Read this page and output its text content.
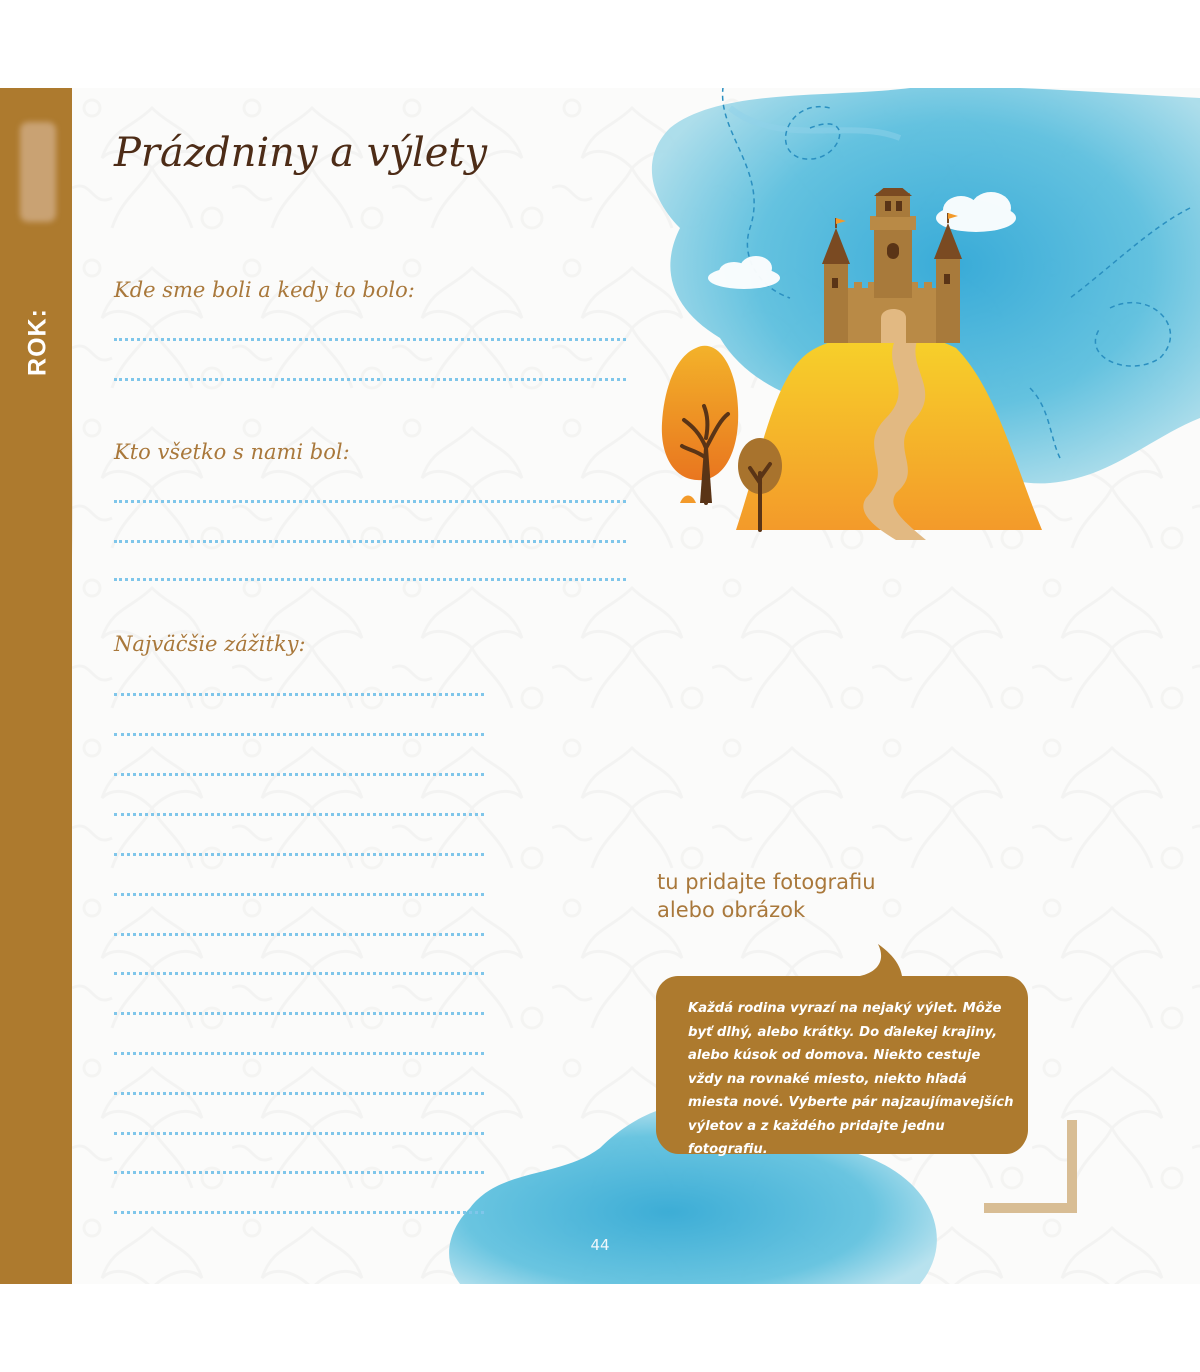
ROK:
Prázdniny a výlety
Kde sme boli a kedy to bolo:
Kto všetko s nami bol:
Najväčšie zážitky:
tu pridajte fotografiu
alebo obrázok
Každá rodina vyrazí na nejaký výlet. Môže byť dlhý, alebo krátky. Do ďalekej krajiny, alebo kúsok od domova. Niekto cestuje vždy na rovnaké miesto, niekto hľadá miesta nové. Vyberte pár najzaujímavejších výletov a z každého pridajte jednu fotografiu.
44
